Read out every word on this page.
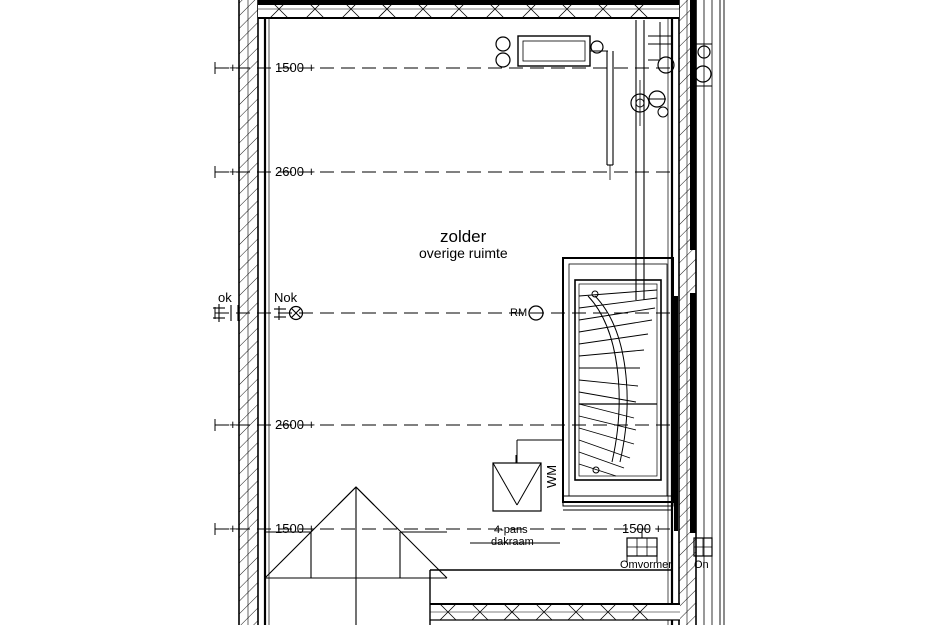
zolder
overige ruimte
1500 +
2600 +
2600 +
1500 +	1500 +
+
+
+
+
ok	Nok
RM
WM
4-pans
dakraam
Omvormer On
